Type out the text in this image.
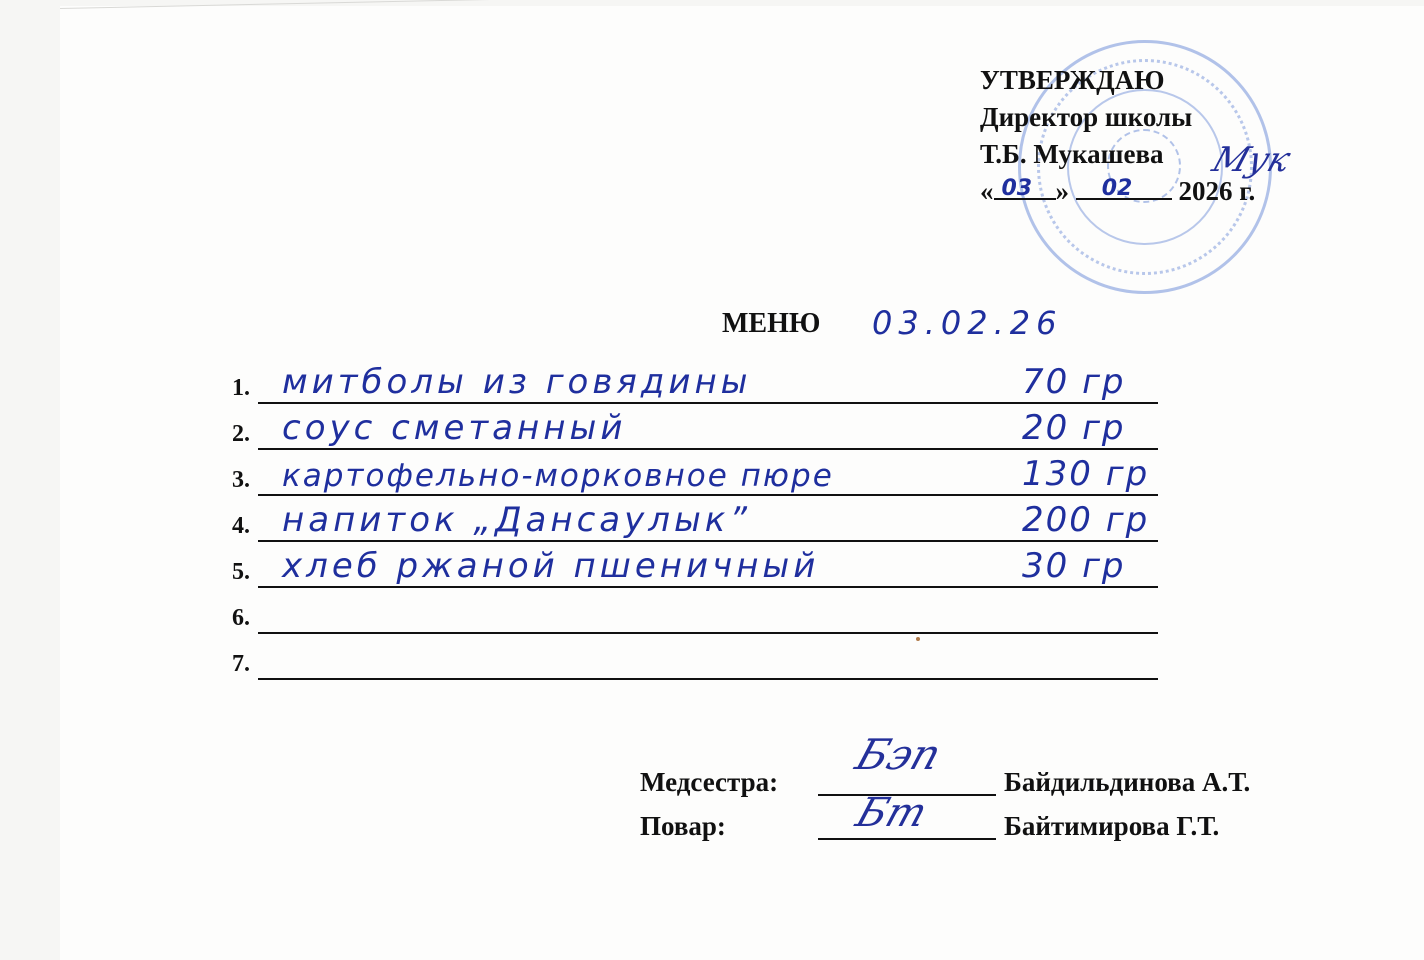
УТВЕРЖДАЮ
Директор школы
Т.Б. Мукашева
« 03 » 02 2026 г.
Мук
МЕНЮ 03.02.26
1. митболы из говядины	70 гр
2. соус сметанный	20 гр
3. картофельно-морковное пюре	130 гр
4. напиток „Дансаулык”	200 гр
5. хлеб ржаной пшеничный	30 гр
6.
7.
Медсестра:	Байдильдинова А.Т.
Повар:	Байтимирова Г.Т.
Бэп
Бт
